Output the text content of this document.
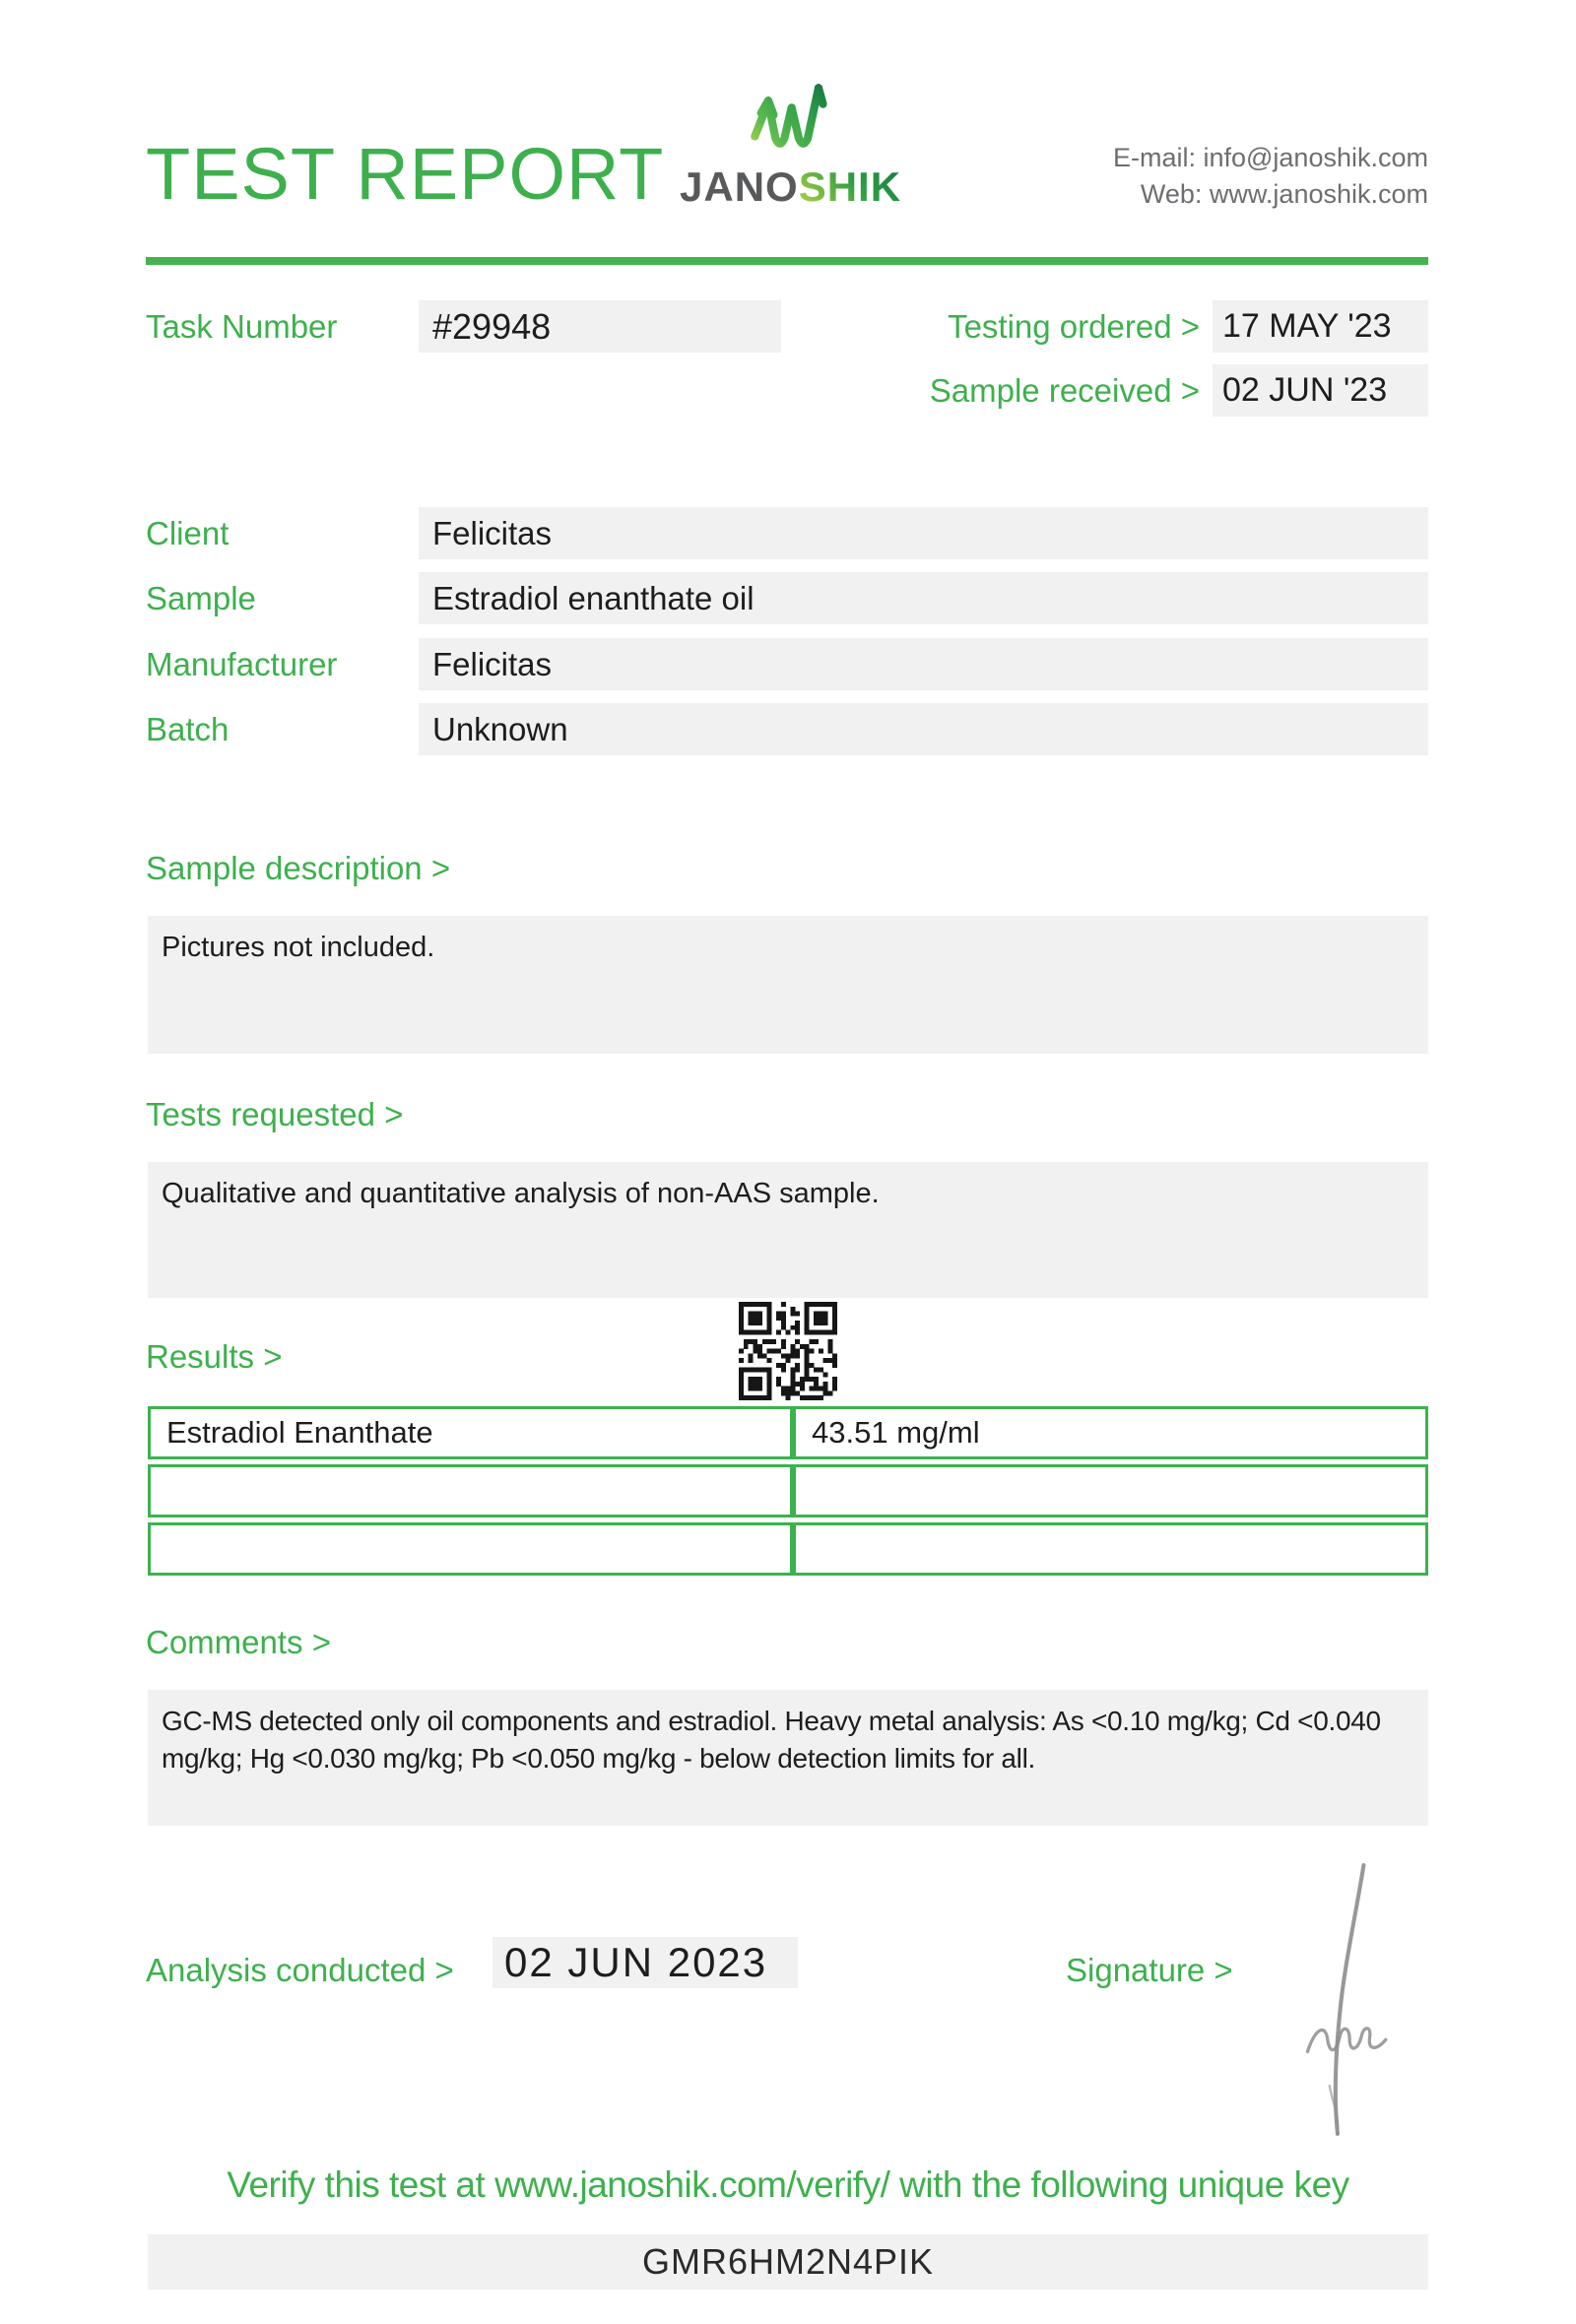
TEST REPORT JANOSHIK
E-mail: info@janoshik.com
Web: www.janoshik.com
Task Number	#29948	Testing ordered > 17 MAY '23
Sample received > 02 JUN '23
Client	Felicitas
Sample	Estradiol enanthate oil
Manufacturer	Felicitas
Batch	Unknown
Sample description >
Pictures not included.
Tests requested >
Qualitative and quantitative analysis of non-AAS sample.
Results >
Estradiol Enanthate	43.51 mg/ml
Comments >
GC-MS detected only oil components and estradiol. Heavy metal analysis: As <0.10 mg/kg; Cd <0.040 mg/kg; Hg <0.030 mg/kg; Pb <0.050 mg/kg - below detection limits for all.
Analysis conducted > 02 JUN 2023	Signature >
Verify this test at www.janoshik.com/verify/ with the following unique key
GMR6HM2N4PIK
